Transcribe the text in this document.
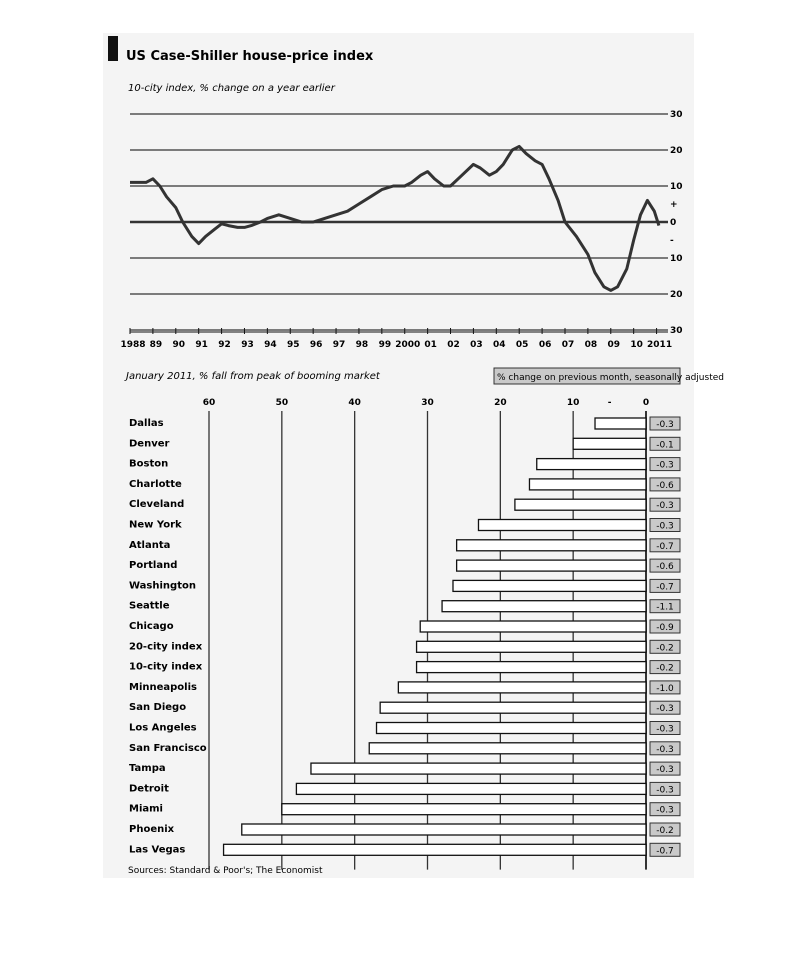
US Case-Shiller house-price index
10-city index, % change on a year earlier
30
20
10
+
0
-
10
20
30
1988 89 90 91 92 93 94 95 96 97 98 99 2000 01 02 03 04 05 06 07 08 09 10 2011
January 2011, % fall from peak of booming market	% change on previous month, seasonally adjusted
60	50	40	30	20	10	-	0
Dallas	-0.3
Denver	-0.1
Boston	-0.3
Charlotte	-0.6
Cleveland	-0.3
New York	-0.3
Atlanta	-0.7
Portland	-0.6
Washington	-0.7
Seattle	-1.1
Chicago	-0.9
20-city index	-0.2
10-city index	-0.2
Minneapolis	-1.0
San Diego	-0.3
Los Angeles	-0.3
San Francisco	-0.3
Tampa	-0.3
Detroit	-0.3
Miami	-0.3
Phoenix	-0.2
Las Vegas	-0.7
Sources: Standard & Poor's; The Economist
